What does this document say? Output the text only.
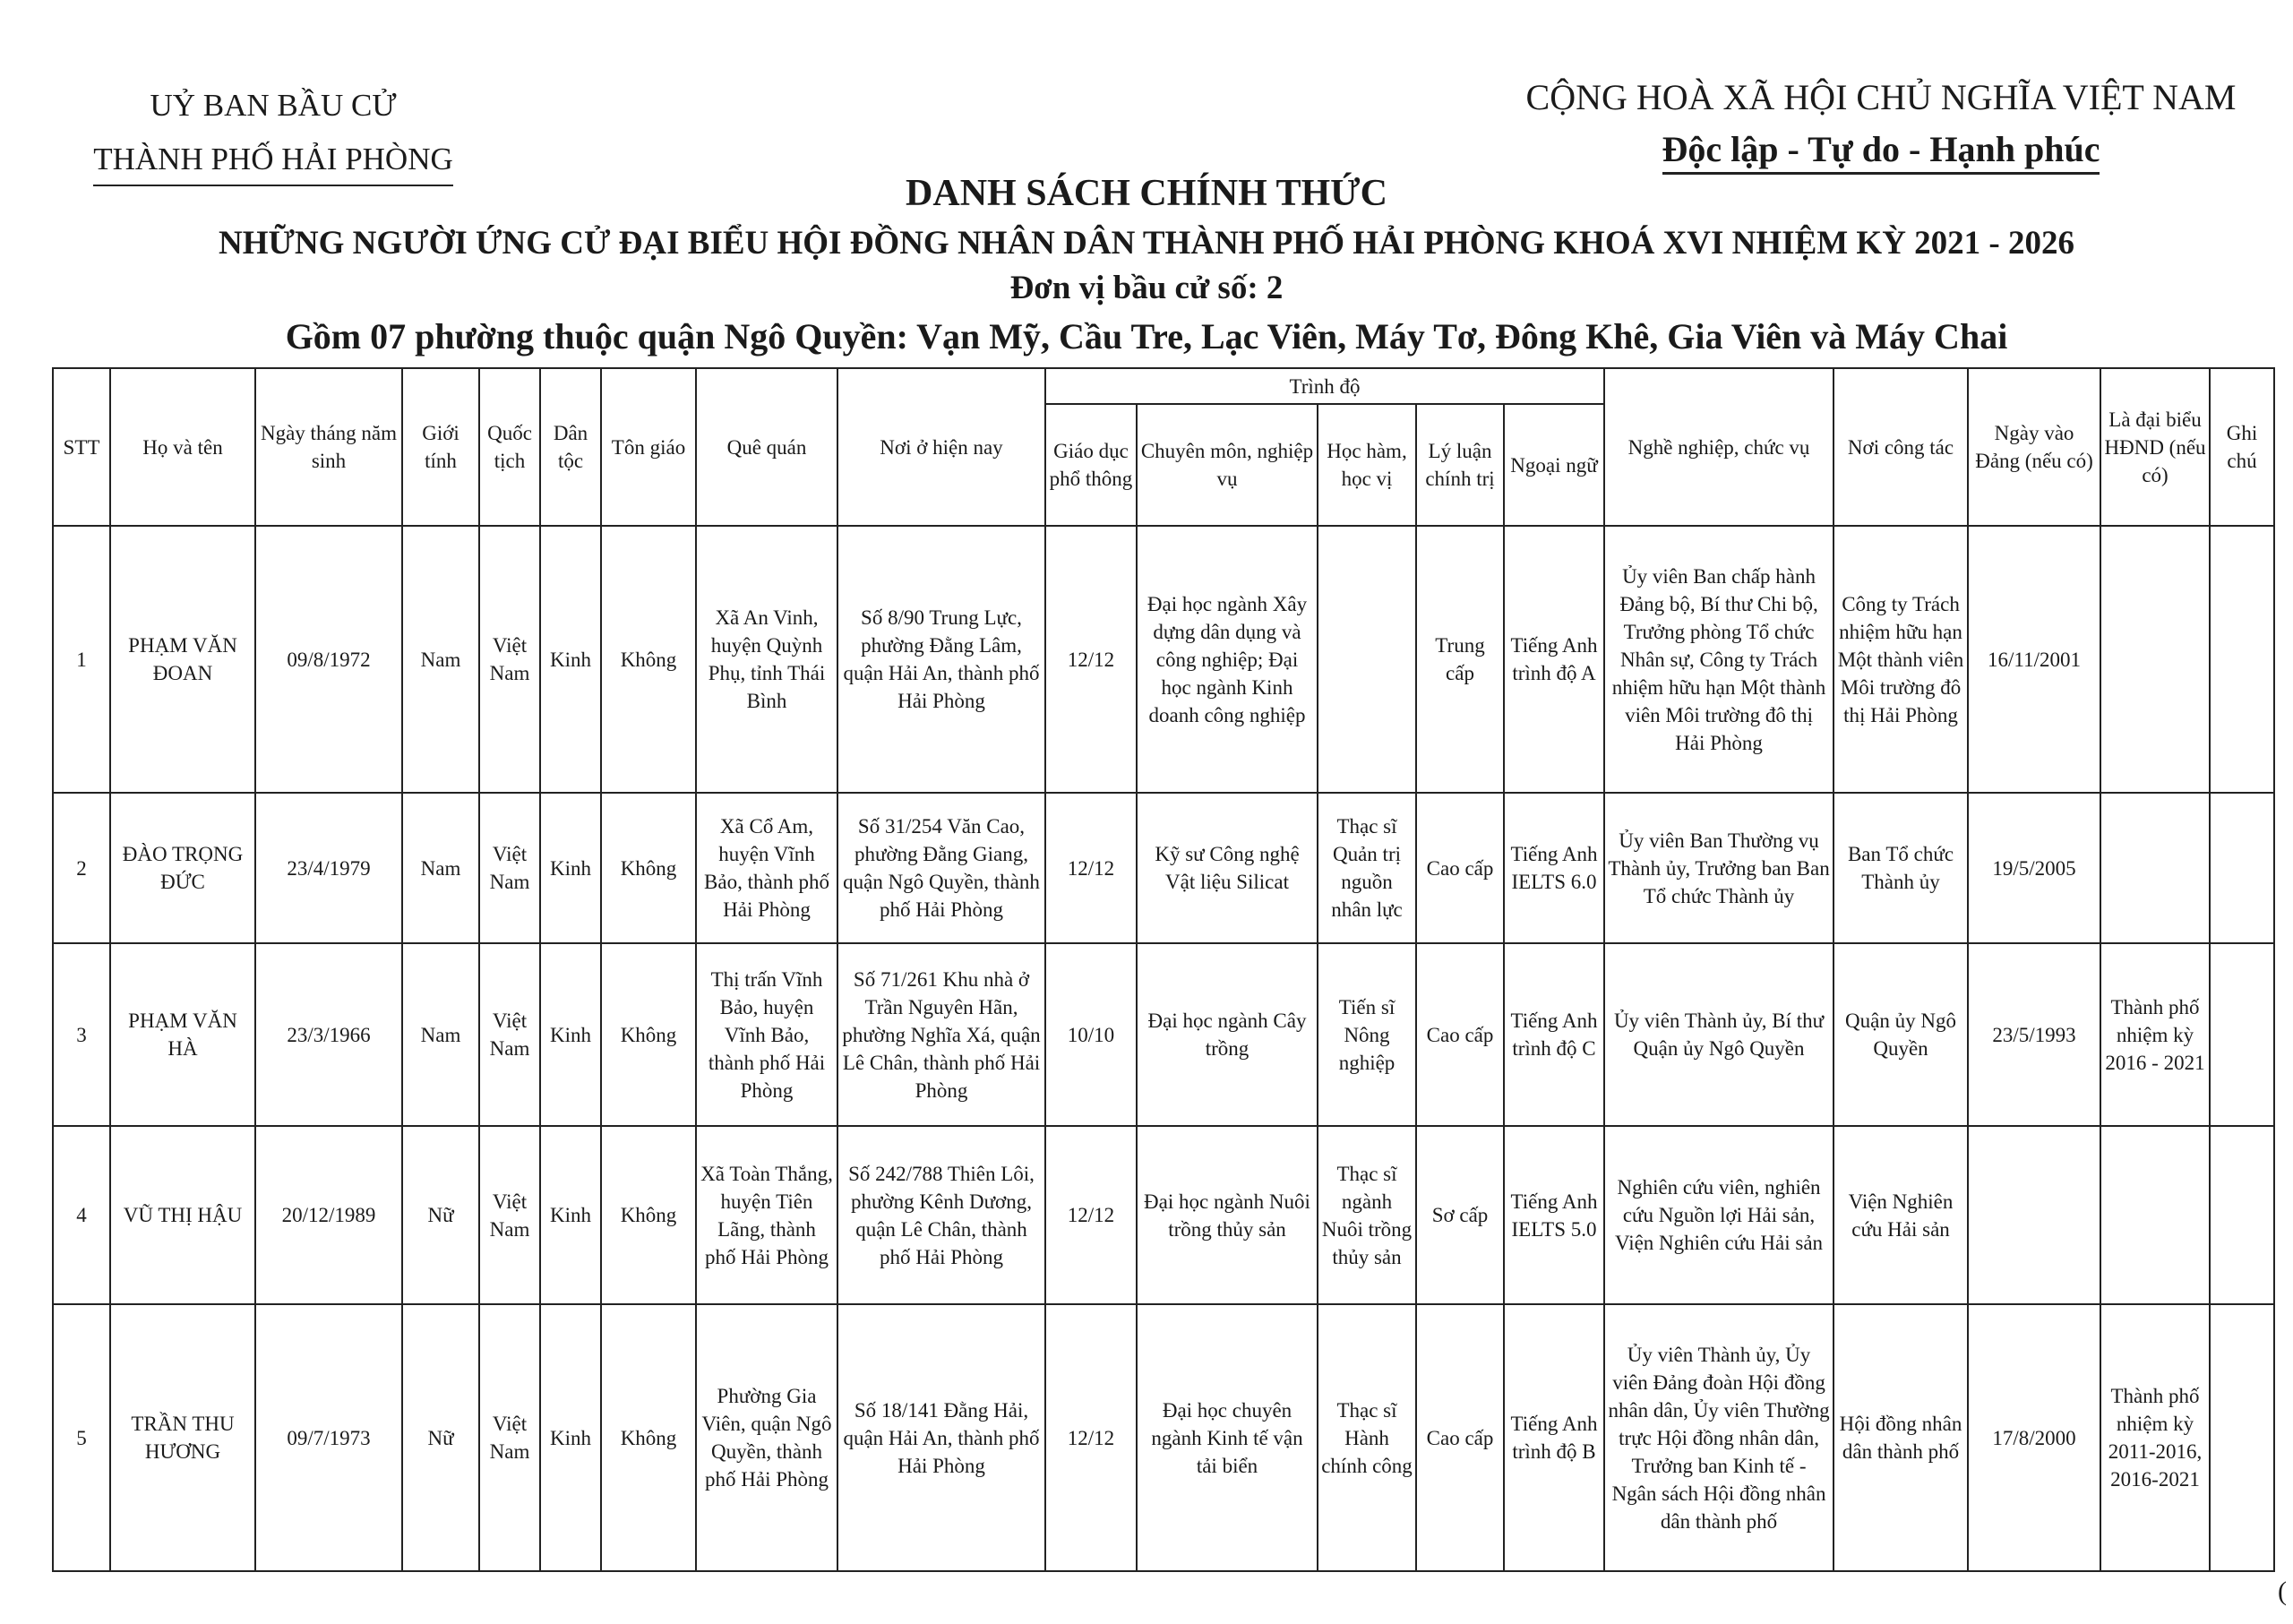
UỶ BAN BẦU CỬ
THÀNH PHỐ HẢI PHÒNG
CỘNG HOÀ XÃ HỘI CHỦ NGHĨA VIỆT NAM
Độc lập - Tự do - Hạnh phúc
DANH SÁCH CHÍNH THỨC
NHỮNG NGƯỜI ỨNG CỬ ĐẠI BIỂU HỘI ĐỒNG NHÂN DÂN THÀNH PHỐ HẢI PHÒNG KHOÁ XVI NHIỆM KỲ 2021 - 2026
Đơn vị bầu cử số: 2
Gồm 07 phường thuộc quận Ngô Quyền: Vạn Mỹ, Cầu Tre, Lạc Viên, Máy Tơ, Đông Khê, Gia Viên và Máy Chai
STT	Họ và tên	Ngày tháng năm sinh	Giới tính	Quốc tịch	Dân tộc	Tôn giáo	Quê quán	Nơi ở hiện nay	Trình độ					Nghề nghiệp, chức vụ	Nơi công tác	Ngày vào Đảng (nếu có)	Là đại biểu HĐND (nếu có)	Ghi chú
									Giáo dục phổ thông	Chuyên môn, nghiệp vụ	Học hàm, học vị	Lý luận chính trị	Ngoại ngữ					
1	PHẠM VĂN ĐOAN	09/8/1972	Nam	Việt Nam	Kinh	Không	Xã An Vinh, huyện Quỳnh Phụ, tỉnh Thái Bình	Số 8/90 Trung Lực, phường Đằng Lâm, quận Hải An, thành phố Hải Phòng	12/12	Đại học ngành Xây dựng dân dụng và công nghiệp; Đại học ngành Kinh doanh công nghiệp		Trung cấp	Tiếng Anh trình độ A	Ủy viên Ban chấp hành Đảng bộ, Bí thư Chi bộ, Trưởng phòng Tổ chức Nhân sự, Công ty Trách nhiệm hữu hạn Một thành viên Môi trường đô thị Hải Phòng	Công ty Trách nhiệm hữu hạn Một thành viên Môi trường đô thị Hải Phòng	16/11/2001		
2	ĐÀO TRỌNG ĐỨC	23/4/1979	Nam	Việt Nam	Kinh	Không	Xã Cổ Am, huyện Vĩnh Bảo, thành phố Hải Phòng	Số 31/254 Văn Cao, phường Đằng Giang, quận Ngô Quyền, thành phố Hải Phòng	12/12	Kỹ sư Công nghệ Vật liệu Silicat	Thạc sĩ Quản trị nguồn nhân lực	Cao cấp	Tiếng Anh IELTS 6.0	Ủy viên Ban Thường vụ Thành ủy, Trưởng ban Ban Tổ chức Thành ủy	Ban Tổ chức Thành ủy	19/5/2005		
3	PHẠM VĂN HÀ	23/3/1966	Nam	Việt Nam	Kinh	Không	Thị trấn Vĩnh Bảo, huyện Vĩnh Bảo, thành phố Hải Phòng	Số 71/261 Khu nhà ở Trần Nguyên Hãn, phường Nghĩa Xá, quận Lê Chân, thành phố Hải Phòng	10/10	Đại học ngành Cây trồng	Tiến sĩ Nông nghiệp	Cao cấp	Tiếng Anh trình độ C	Ủy viên Thành ủy, Bí thư Quận ủy Ngô Quyền	Quận ủy Ngô Quyền	23/5/1993	Thành phố nhiệm kỳ 2016 - 2021	
4	VŨ THỊ HẬU	20/12/1989	Nữ	Việt Nam	Kinh	Không	Xã Toàn Thắng, huyện Tiên Lãng, thành phố Hải Phòng	Số 242/788 Thiên Lôi, phường Kênh Dương, quận Lê Chân, thành phố Hải Phòng	12/12	Đại học ngành Nuôi trồng thủy sản	Thạc sĩ ngành Nuôi trồng thủy sản	Sơ cấp	Tiếng Anh IELTS 5.0	Nghiên cứu viên, nghiên cứu Nguồn lợi Hải sản, Viện Nghiên cứu Hải sản	Viện Nghiên cứu Hải sản			
5	TRẦN THU HƯƠNG	09/7/1973	Nữ	Việt Nam	Kinh	Không	Phường Gia Viên, quận Ngô Quyền, thành phố Hải Phòng	Số 18/141 Đằng Hải, quận Hải An, thành phố Hải Phòng	12/12	Đại học chuyên ngành Kinh tế vận tải biển	Thạc sĩ Hành chính công	Cao cấp	Tiếng Anh trình độ B	Ủy viên Thành ủy, Ủy viên Đảng đoàn Hội đồng nhân dân, Ủy viên Thường trực Hội đồng nhân dân, Trưởng ban Kinh tế - Ngân sách Hội đồng nhân dân thành phố	Hội đồng nhân dân thành phố	17/8/2000	Thành phố nhiệm kỳ 2011-2016, 2016-2021	
(
